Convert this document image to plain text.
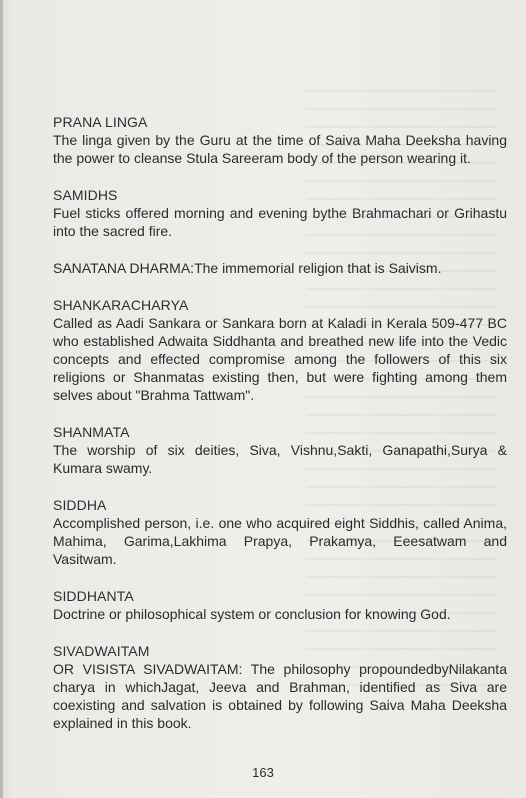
PRANA LINGA
The linga given by the Guru at the time of Saiva Maha Deeksha having the power to cleanse Stula Sareeram body of the person wearing it.
SAMIDHS
Fuel sticks offered morning and evening bythe Brahmachari or Grihastu into the sacred fire.
SANATANA DHARMA:The immemorial religion that is Saivism.
SHANKARACHARYA
Called as Aadi Sankara or Sankara born at Kaladi in Kerala 509-477 BC who established Adwaita Siddhanta and breathed new life into the Vedic concepts and effected compromise among the followers of this six religions or Shanmatas existing then, but were fighting among them selves about "Brahma Tattwam".
SHANMATA
The worship of six deities, Siva, Vishnu,Sakti, Ganapathi,Surya & Kumara swamy.
SIDDHA
Accomplished person, i.e. one who acquired eight Siddhis, called Anima, Mahima, Garima,Lakhima Prapya, Prakamya, Eeesatwam and Vasitwam.
SIDDHANTA
Doctrine or philosophical system or conclusion for knowing God.
SIVADWAITAM
OR VISISTA SIVADWAITAM: The philosophy propoundedbyNilakanta charya in whichJagat, Jeeva and Brahman, identified as Siva are coexisting and salvation is obtained by following Saiva Maha Deeksha explained in this book.
163
